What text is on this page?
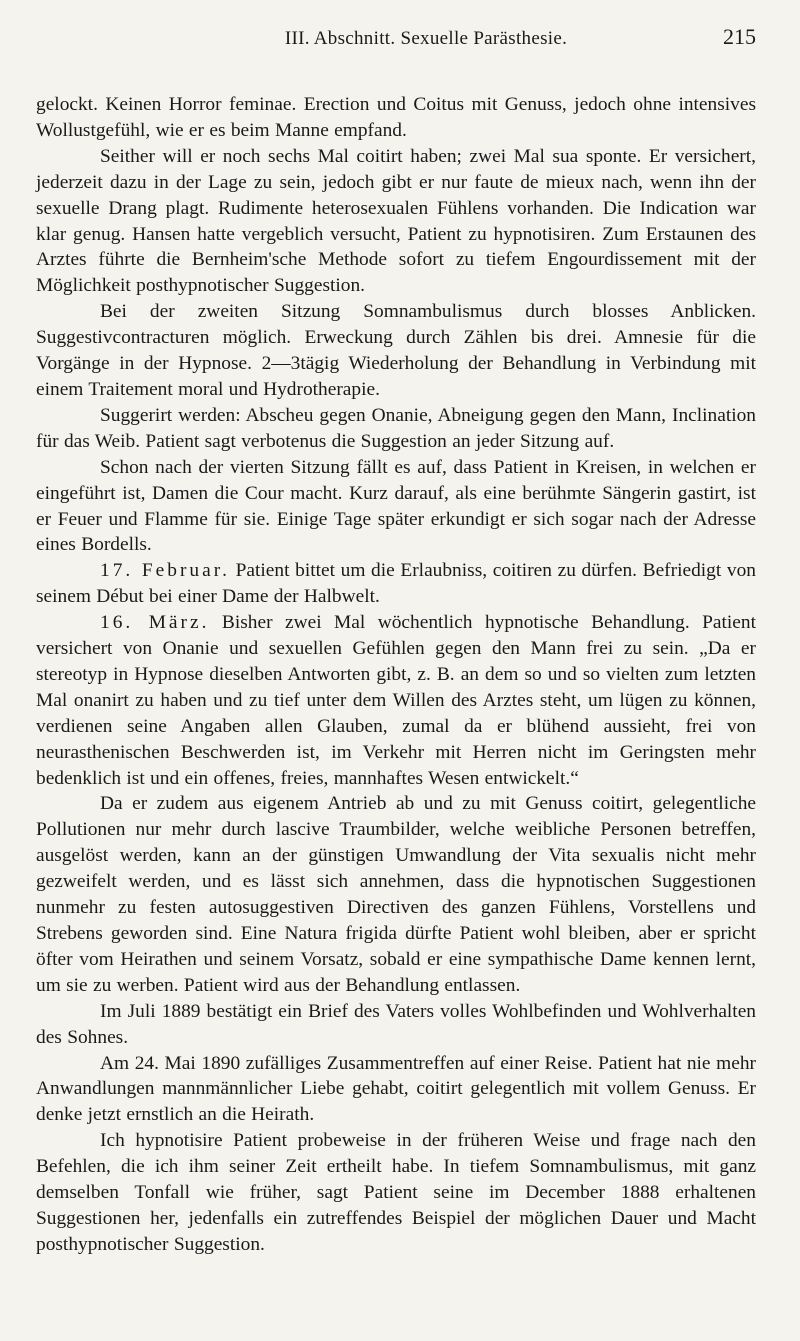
III. Abschnitt. Sexuelle Parästhesie.	215

gelockt. Keinen Horror feminae. Erection und Coitus mit Genuss, jedoch ohne intensives Wollustgefühl, wie er es beim Manne empfand.

Seither will er noch sechs Mal coitirt haben; zwei Mal sua sponte. Er versichert, jederzeit dazu in der Lage zu sein, jedoch gibt er nur faute de mieux nach, wenn ihn der sexuelle Drang plagt. Rudimente heterosexualen Fühlens vorhanden. Die Indication war klar genug. Hansen hatte vergeblich versucht, Patient zu hypnotisiren. Zum Erstaunen des Arztes führte die Bernheim'sche Methode sofort zu tiefem Engourdissement mit der Möglichkeit posthypnotischer Suggestion.

Bei der zweiten Sitzung Somnambulismus durch blosses Anblicken. Suggestivcontracturen möglich. Erweckung durch Zählen bis drei. Amnesie für die Vorgänge in der Hypnose. 2—3tägig Wiederholung der Behandlung in Verbindung mit einem Traitement moral und Hydrotherapie.

Suggerirt werden: Abscheu gegen Onanie, Abneigung gegen den Mann, Inclination für das Weib. Patient sagt verbotenus die Suggestion an jeder Sitzung auf.

Schon nach der vierten Sitzung fällt es auf, dass Patient in Kreisen, in welchen er eingeführt ist, Damen die Cour macht. Kurz darauf, als eine berühmte Sängerin gastirt, ist er Feuer und Flamme für sie. Einige Tage später erkundigt er sich sogar nach der Adresse eines Bordells.

17. Februar. Patient bittet um die Erlaubniss, coitiren zu dürfen. Befriedigt von seinem Début bei einer Dame der Halbwelt.

16. März. Bisher zwei Mal wöchentlich hypnotische Behandlung. Patient versichert von Onanie und sexuellen Gefühlen gegen den Mann frei zu sein. „Da er stereotyp in Hypnose dieselben Antworten gibt, z. B. an dem so und so vielten zum letzten Mal onanirt zu haben und zu tief unter dem Willen des Arztes steht, um lügen zu können, verdienen seine Angaben allen Glauben, zumal da er blühend aussieht, frei von neurasthenischen Beschwerden ist, im Verkehr mit Herren nicht im Geringsten mehr bedenklich ist und ein offenes, freies, mannhaftes Wesen entwickelt.“

Da er zudem aus eigenem Antrieb ab und zu mit Genuss coitirt, gelegentliche Pollutionen nur mehr durch lascive Traumbilder, welche weibliche Personen betreffen, ausgelöst werden, kann an der günstigen Umwandlung der Vita sexualis nicht mehr gezweifelt werden, und es lässt sich annehmen, dass die hypnotischen Suggestionen nunmehr zu festen autosuggestiven Directiven des ganzen Fühlens, Vorstellens und Strebens geworden sind. Eine Natura frigida dürfte Patient wohl bleiben, aber er spricht öfter vom Heirathen und seinem Vorsatz, sobald er eine sympathische Dame kennen lernt, um sie zu werben. Patient wird aus der Behandlung entlassen.

Im Juli 1889 bestätigt ein Brief des Vaters volles Wohlbefinden und Wohlverhalten des Sohnes.

Am 24. Mai 1890 zufälliges Zusammentreffen auf einer Reise. Patient hat nie mehr Anwandlungen mannmännlicher Liebe gehabt, coitirt gelegentlich mit vollem Genuss. Er denke jetzt ernstlich an die Heirath.

Ich hypnotisire Patient probeweise in der früheren Weise und frage nach den Befehlen, die ich ihm seiner Zeit ertheilt habe. In tiefem Somnambulismus, mit ganz demselben Tonfall wie früher, sagt Patient seine im December 1888 erhaltenen Suggestionen her, jedenfalls ein zutreffendes Beispiel der möglichen Dauer und Macht posthypnotischer Suggestion.
